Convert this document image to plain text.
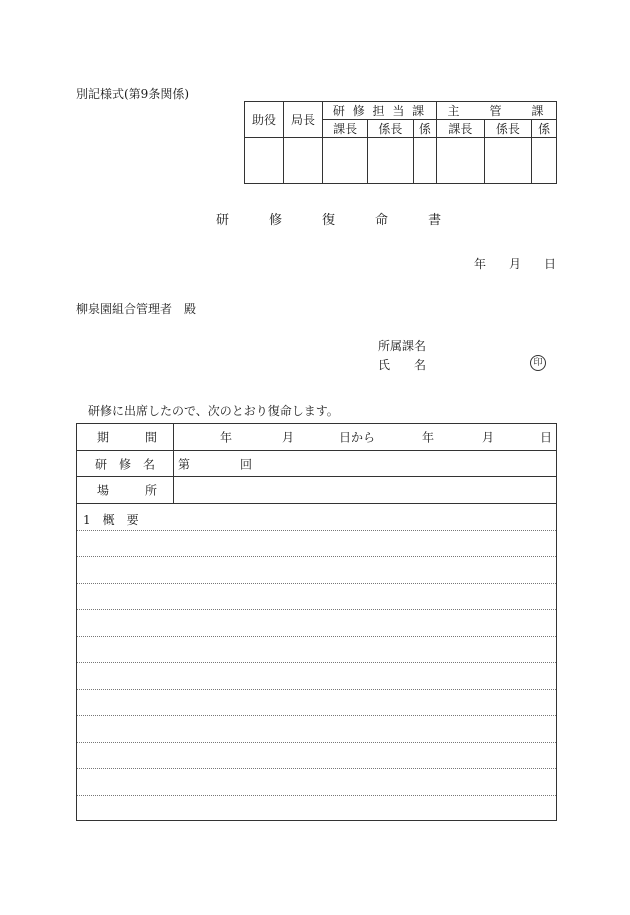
別記様式(第9条関係)
助役	局長	研 修 担 当 課			主　　管　　課		
		課長	係長	係	課長	係長	係

研	修	復	命	書
年 月 日
柳泉園組合管理者　殿
所属課名
氏　　名	印
研修に出席したので、次のとおり復命します。
期　　　間	年	月	日から	年	月	日
研　修　名 第	回
場　　　所
1　概　要
